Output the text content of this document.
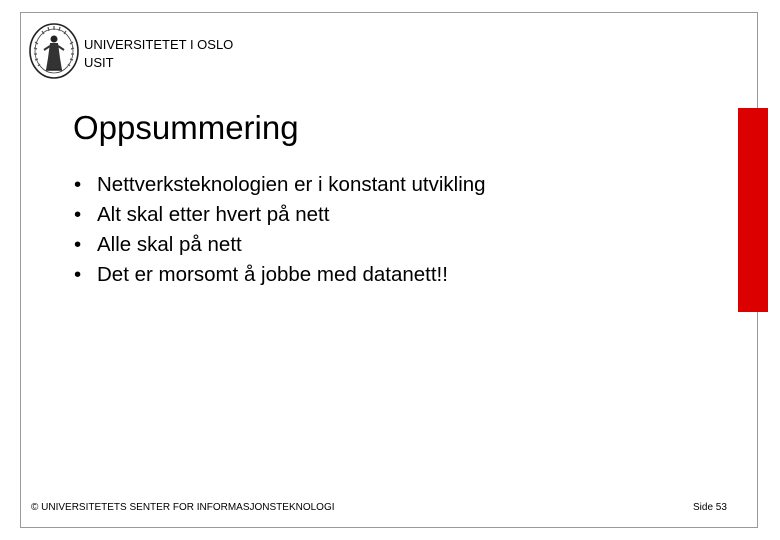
UNIVERSITETET I OSLO
USIT
Oppsummering
• Nettverksteknologien er i konstant utvikling
• Alt skal etter hvert på nett
• Alle skal på nett
• Det er morsomt å jobbe med datanett!!
© UNIVERSITETETS SENTER FOR INFORMASJONSTEKNOLOGI	Side 53
